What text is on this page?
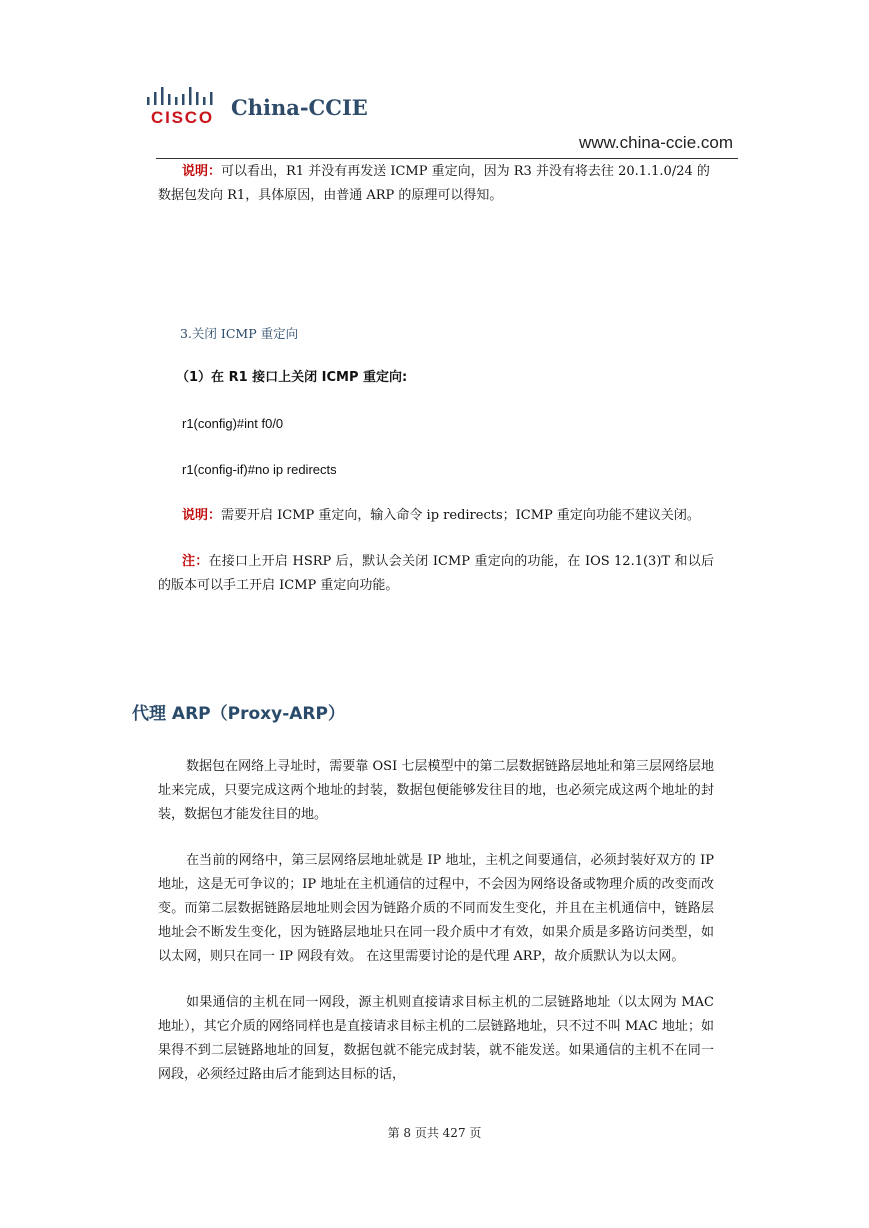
CISCO China-CCIE
www.china-ccie.com

说明：可以看出，R1 并没有再发送 ICMP 重定向，因为 R3 并没有将去往 20.1.1.0/24 的数据包发向 R1，具体原因，由普通 ARP 的原理可以得知。

3.关闭 ICMP 重定向

（1）在 R1 接口上关闭 ICMP 重定向:

r1(config)#int f0/0

r1(config-if)#no ip redirects

说明：需要开启 ICMP 重定向，输入命令 ip redirects；ICMP 重定向功能不建议关闭。

注：在接口上开启 HSRP 后，默认会关闭 ICMP 重定向的功能，在 IOS 12.1(3)T 和以后的版本可以手工开启 ICMP 重定向功能。

代理 ARP（Proxy-ARP）

数据包在网络上寻址时，需要靠 OSI 七层模型中的第二层数据链路层地址和第三层网络层地址来完成，只要完成这两个地址的封装，数据包便能够发往目的地，也必须完成这两个地址的封装，数据包才能发往目的地。

在当前的网络中，第三层网络层地址就是 IP 地址，主机之间要通信，必须封装好双方的 IP 地址，这是无可争议的；IP 地址在主机通信的过程中，不会因为网络设备或物理介质的改变而改变。而第二层数据链路层地址则会因为链路介质的不同而发生变化，并且在主机通信中，链路层地址会不断发生变化，因为链路层地址只在同一段介质中才有效，如果介质是多路访问类型，如以太网，则只在同一 IP 网段有效。 在这里需要讨论的是代理 ARP，故介质默认为以太网。

如果通信的主机在同一网段，源主机则直接请求目标主机的二层链路地址（以太网为 MAC 地址），其它介质的网络同样也是直接请求目标主机的二层链路地址，只不过不叫 MAC 地址；如果得不到二层链路地址的回复，数据包就不能完成封装，就不能发送。如果通信的主机不在同一网段，必须经过路由后才能到达目标的话，

第 8 页共 427 页
